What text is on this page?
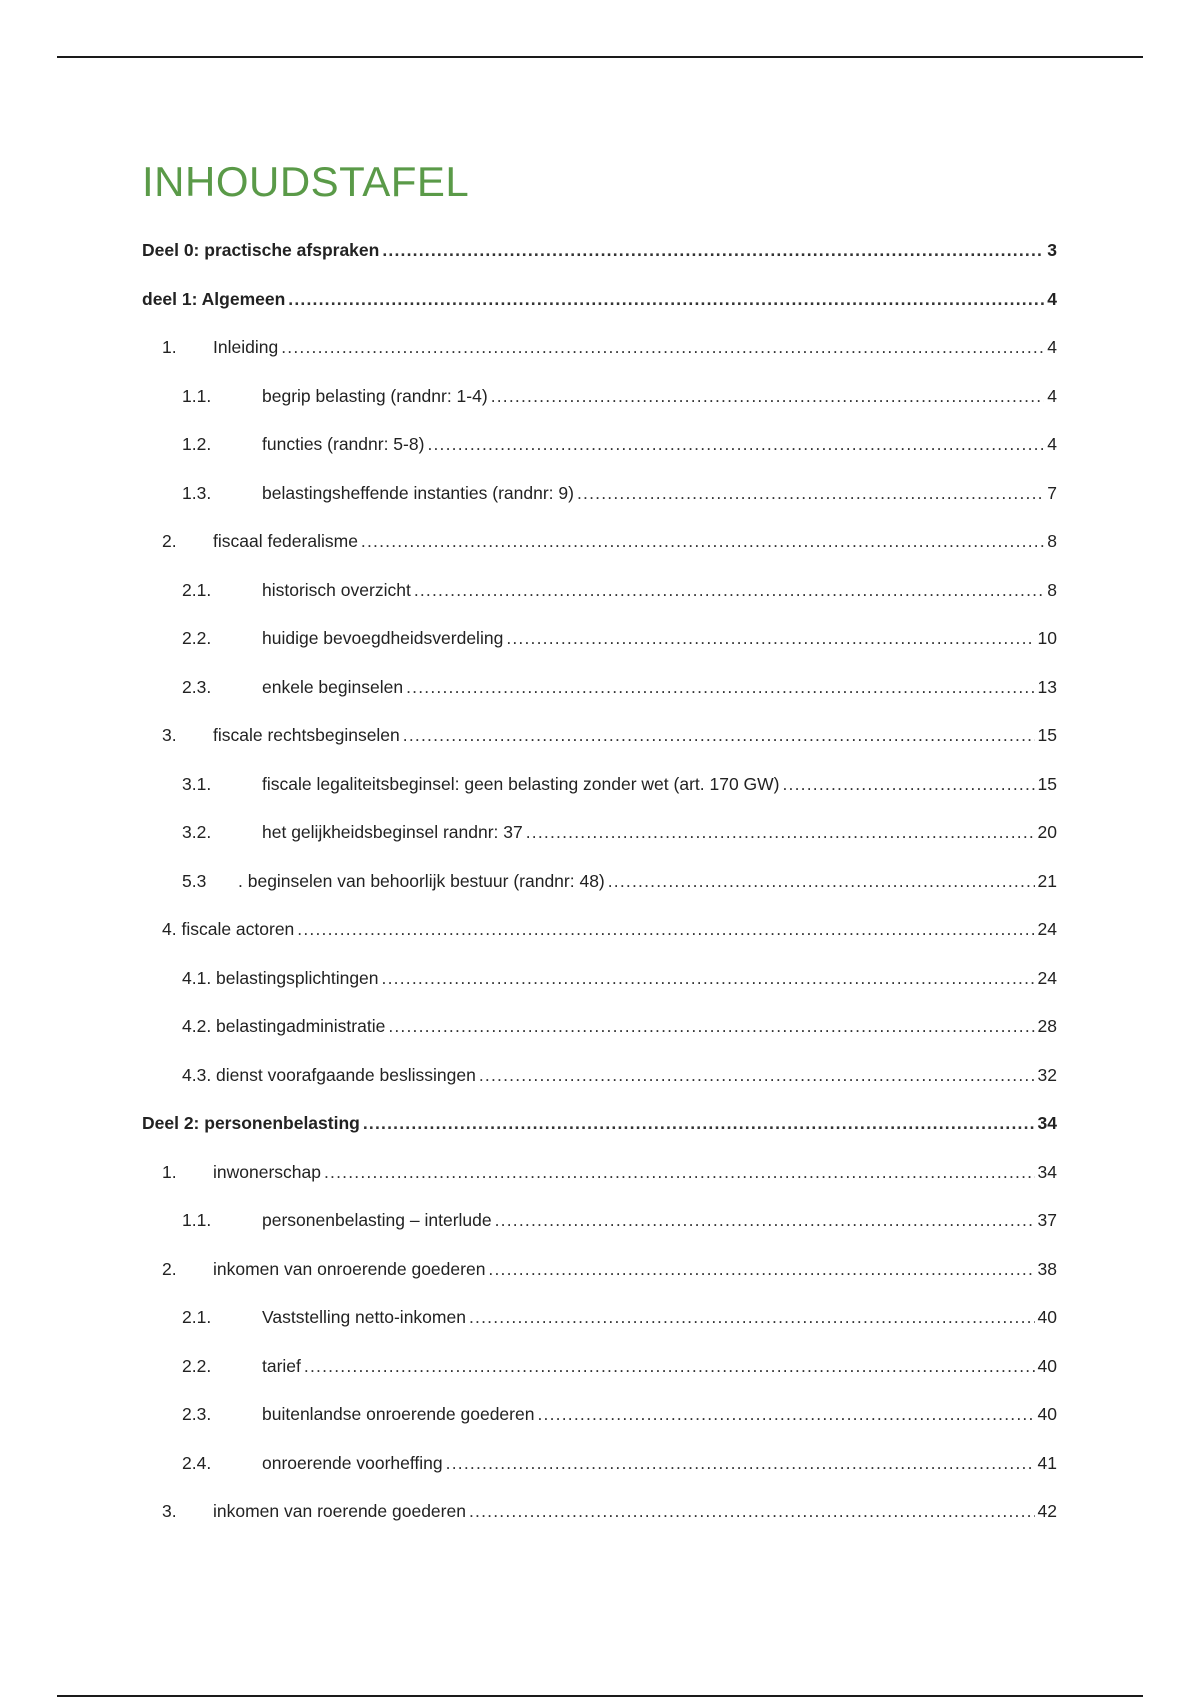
INHOUDSTAFEL
Deel 0: practische afspraken .....	3
deel 1: Algemeen .....	4
1.	Inleiding .....	4
1.1.	begrip belasting (randnr: 1-4) .....	4
1.2.	functies (randnr: 5-8) .....	4
1.3.	belastingsheffende instanties (randnr: 9) .....	7
2.	fiscaal federalisme .....	8
2.1.	historisch overzicht .....	8
2.2.	huidige bevoegdheidsverdeling .....	10
2.3.	enkele beginselen .....	13
3.	fiscale rechtsbeginselen .....	15
3.1.	fiscale legaliteitsbeginsel: geen belasting zonder wet (art. 170 GW) .....	15
3.2.	het gelijkheidsbeginsel randnr: 37 .....	20
5.3	. beginselen van behoorlijk bestuur (randnr: 48) .....	21
4. fiscale actoren .....	24
4.1. belastingsplichtingen .....	24
4.2. belastingadministratie .....	28
4.3. dienst voorafgaande beslissingen .....	32
Deel 2: personenbelasting .....	34
1.	inwonerschap .....	34
1.1.	personenbelasting – interlude .....	37
2.	inkomen van onroerende goederen .....	38
2.1.	Vaststelling netto-inkomen .....	40
2.2.	tarief .....	40
2.3.	buitenlandse onroerende goederen .....	40
2.4.	onroerende voorheffing .....	41
3.	inkomen van roerende goederen .....	42
